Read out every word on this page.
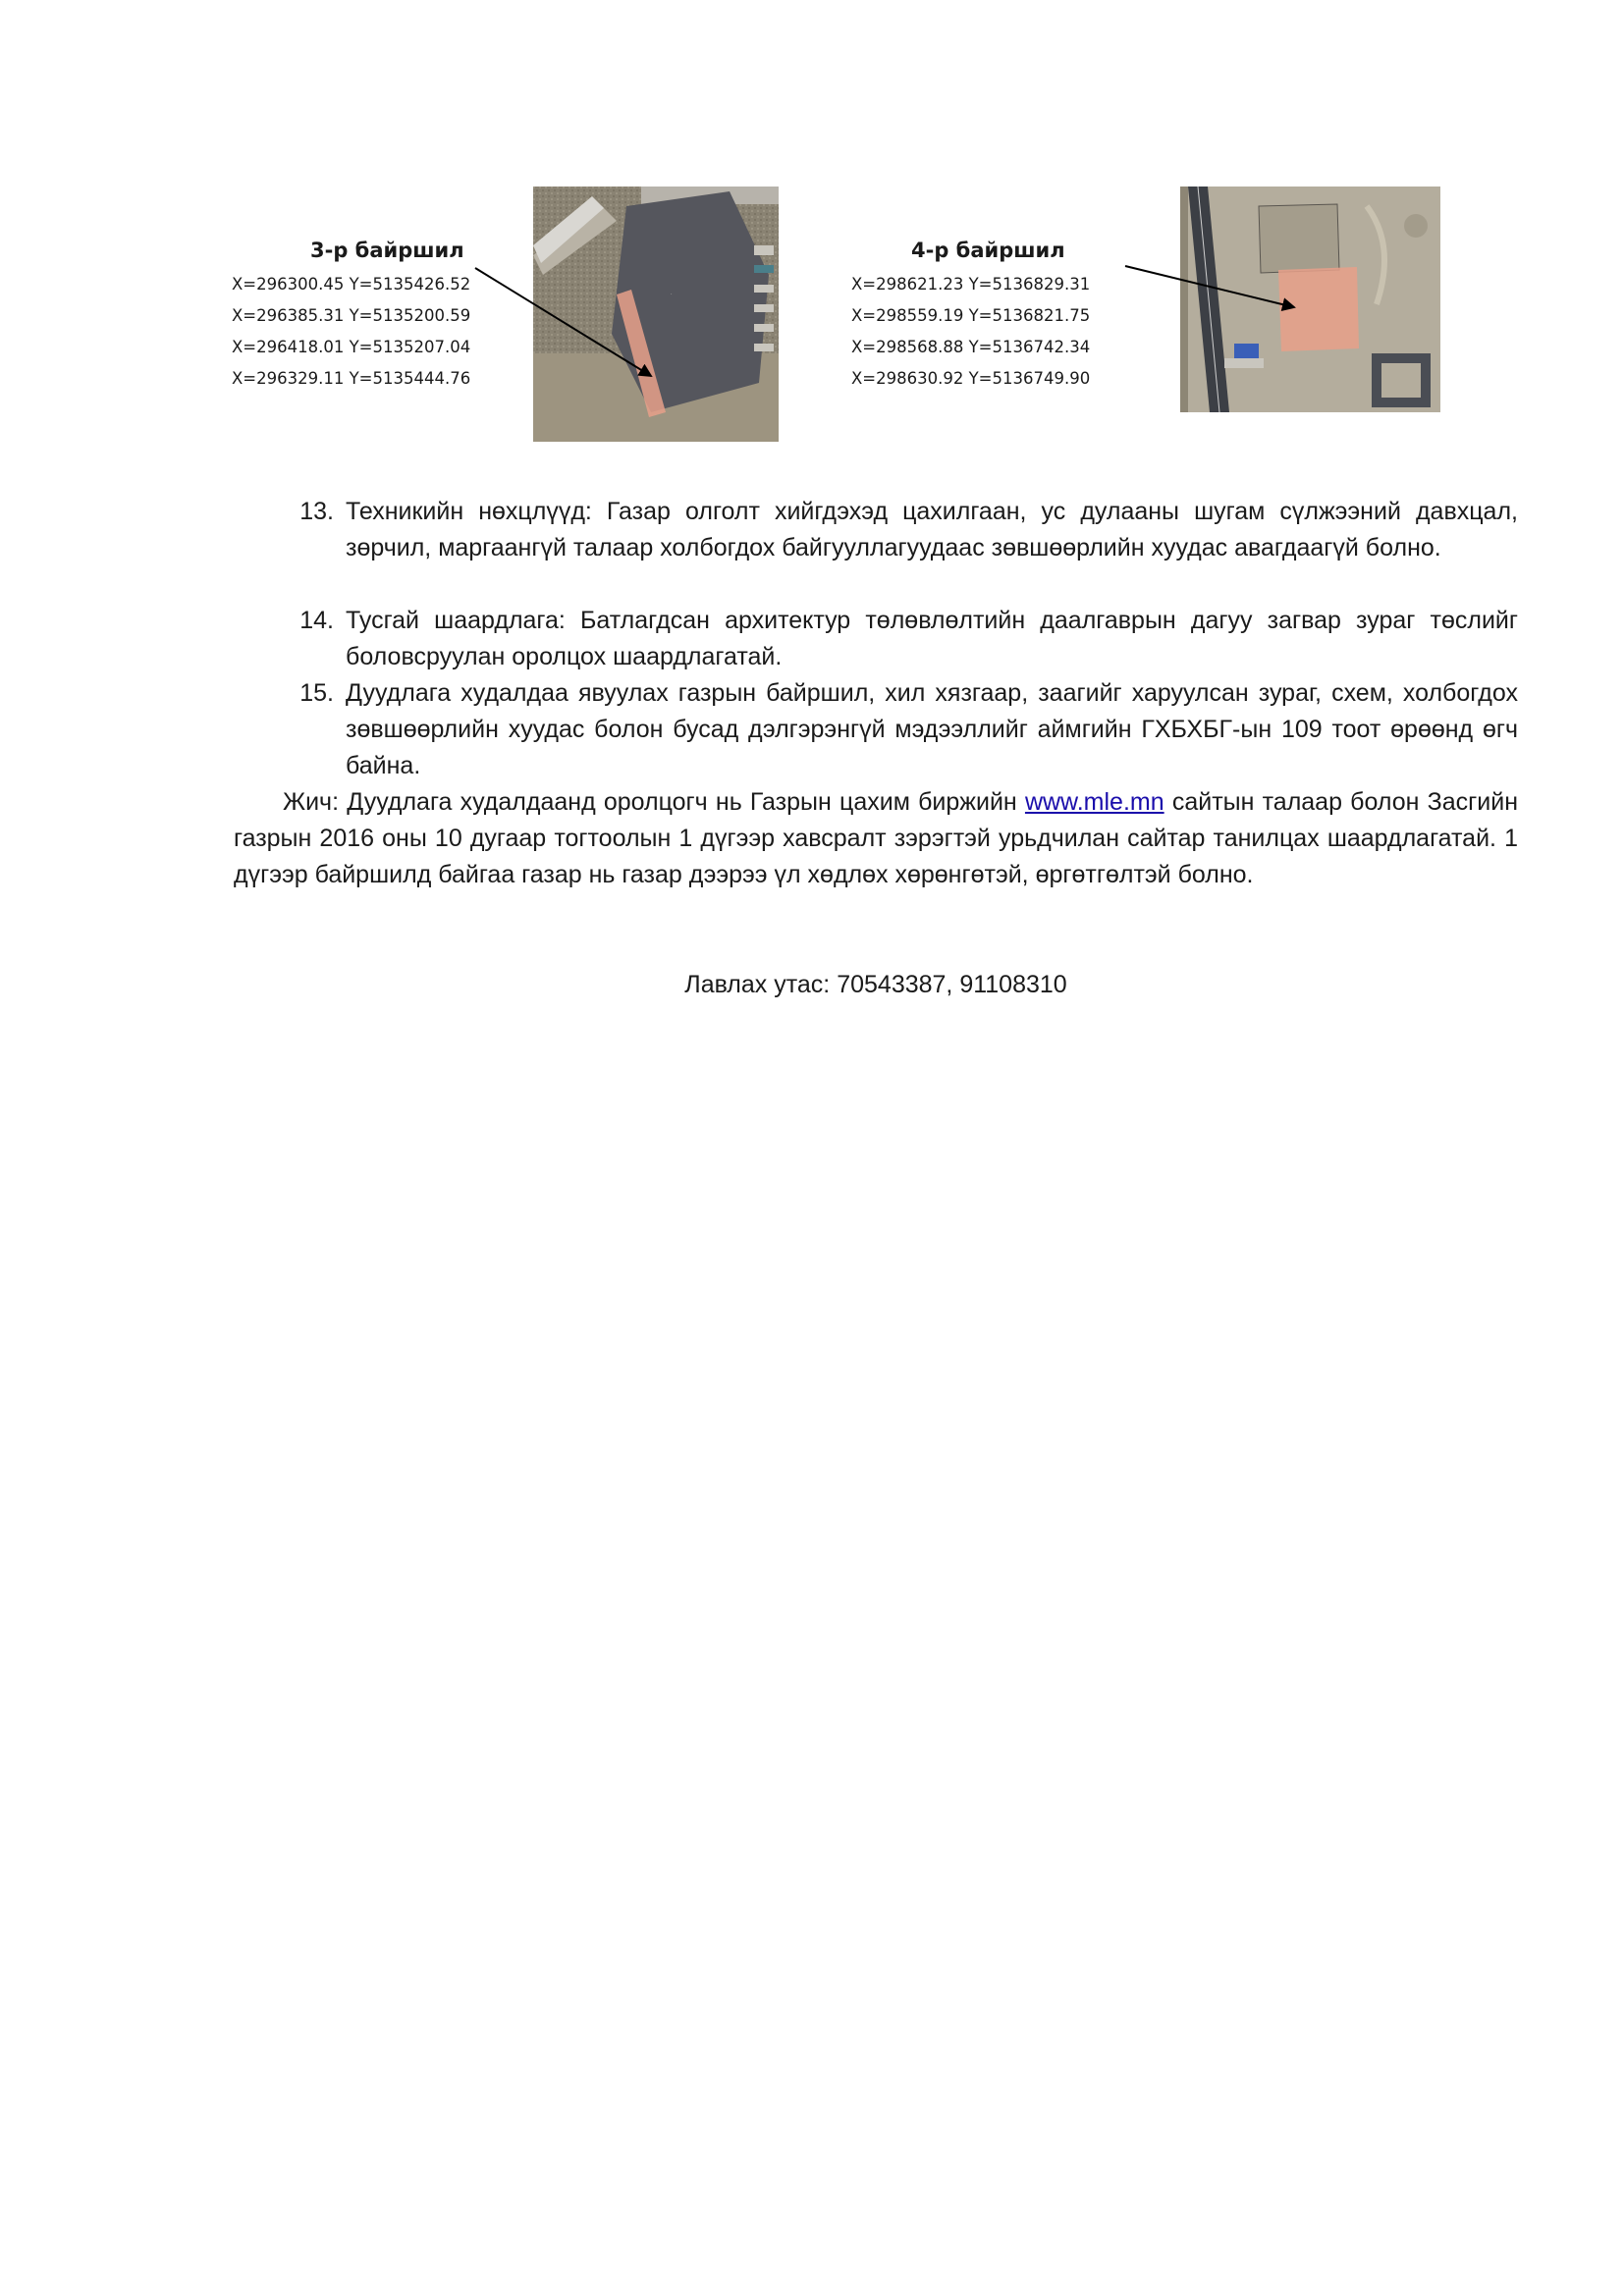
3-р байршил
X=296300.45 Y=5135426.52
X=296385.31 Y=5135200.59
X=296418.01 Y=5135207.04
X=296329.11 Y=5135444.76
.
4-р байршил
X=298621.23 Y=5136829.31
X=298559.19 Y=5136821.75
X=298568.88 Y=5136742.34
X=298630.92 Y=5136749.90
13. Техникийн нөхцлүүд: Газар олголт хийгдэхэд цахилгаан, ус дулааны шугам сүлжээний давхцал, зөрчил, маргаангүй талаар холбогдох байгууллагуудаас зөвшөөрлийн хуудас авагдаагүй болно.
14. Тусгай шаардлага: Батлагдсан архитектур төлөвлөлтийн даалгаврын дагуу загвар зураг төслийг боловсруулан оролцох шаардлагатай.
15. Дуудлага худалдаа явуулах газрын байршил, хил хязгаар, заагийг харуулсан зураг, схем, холбогдох зөвшөөрлийн хуудас болон бусад дэлгэрэнгүй мэдээллийг аймгийн ГХБХБГ-ын 109 тоот өрөөнд өгч байна.
Жич: Дуудлага худалдаанд оролцогч нь Газрын цахим биржийн www.mle.mn сайтын талаар болон Засгийн газрын 2016 оны 10 дугаар тогтоолын 1 дүгээр хавсралт зэрэгтэй урьдчилан сайтар танилцах шаардлагатай. 1 дүгээр байршилд байгаа газар нь газар дээрээ үл хөдлөх хөрөнгөтэй, өргөтгөлтэй болно.
Лавлах утас: 70543387, 91108310
